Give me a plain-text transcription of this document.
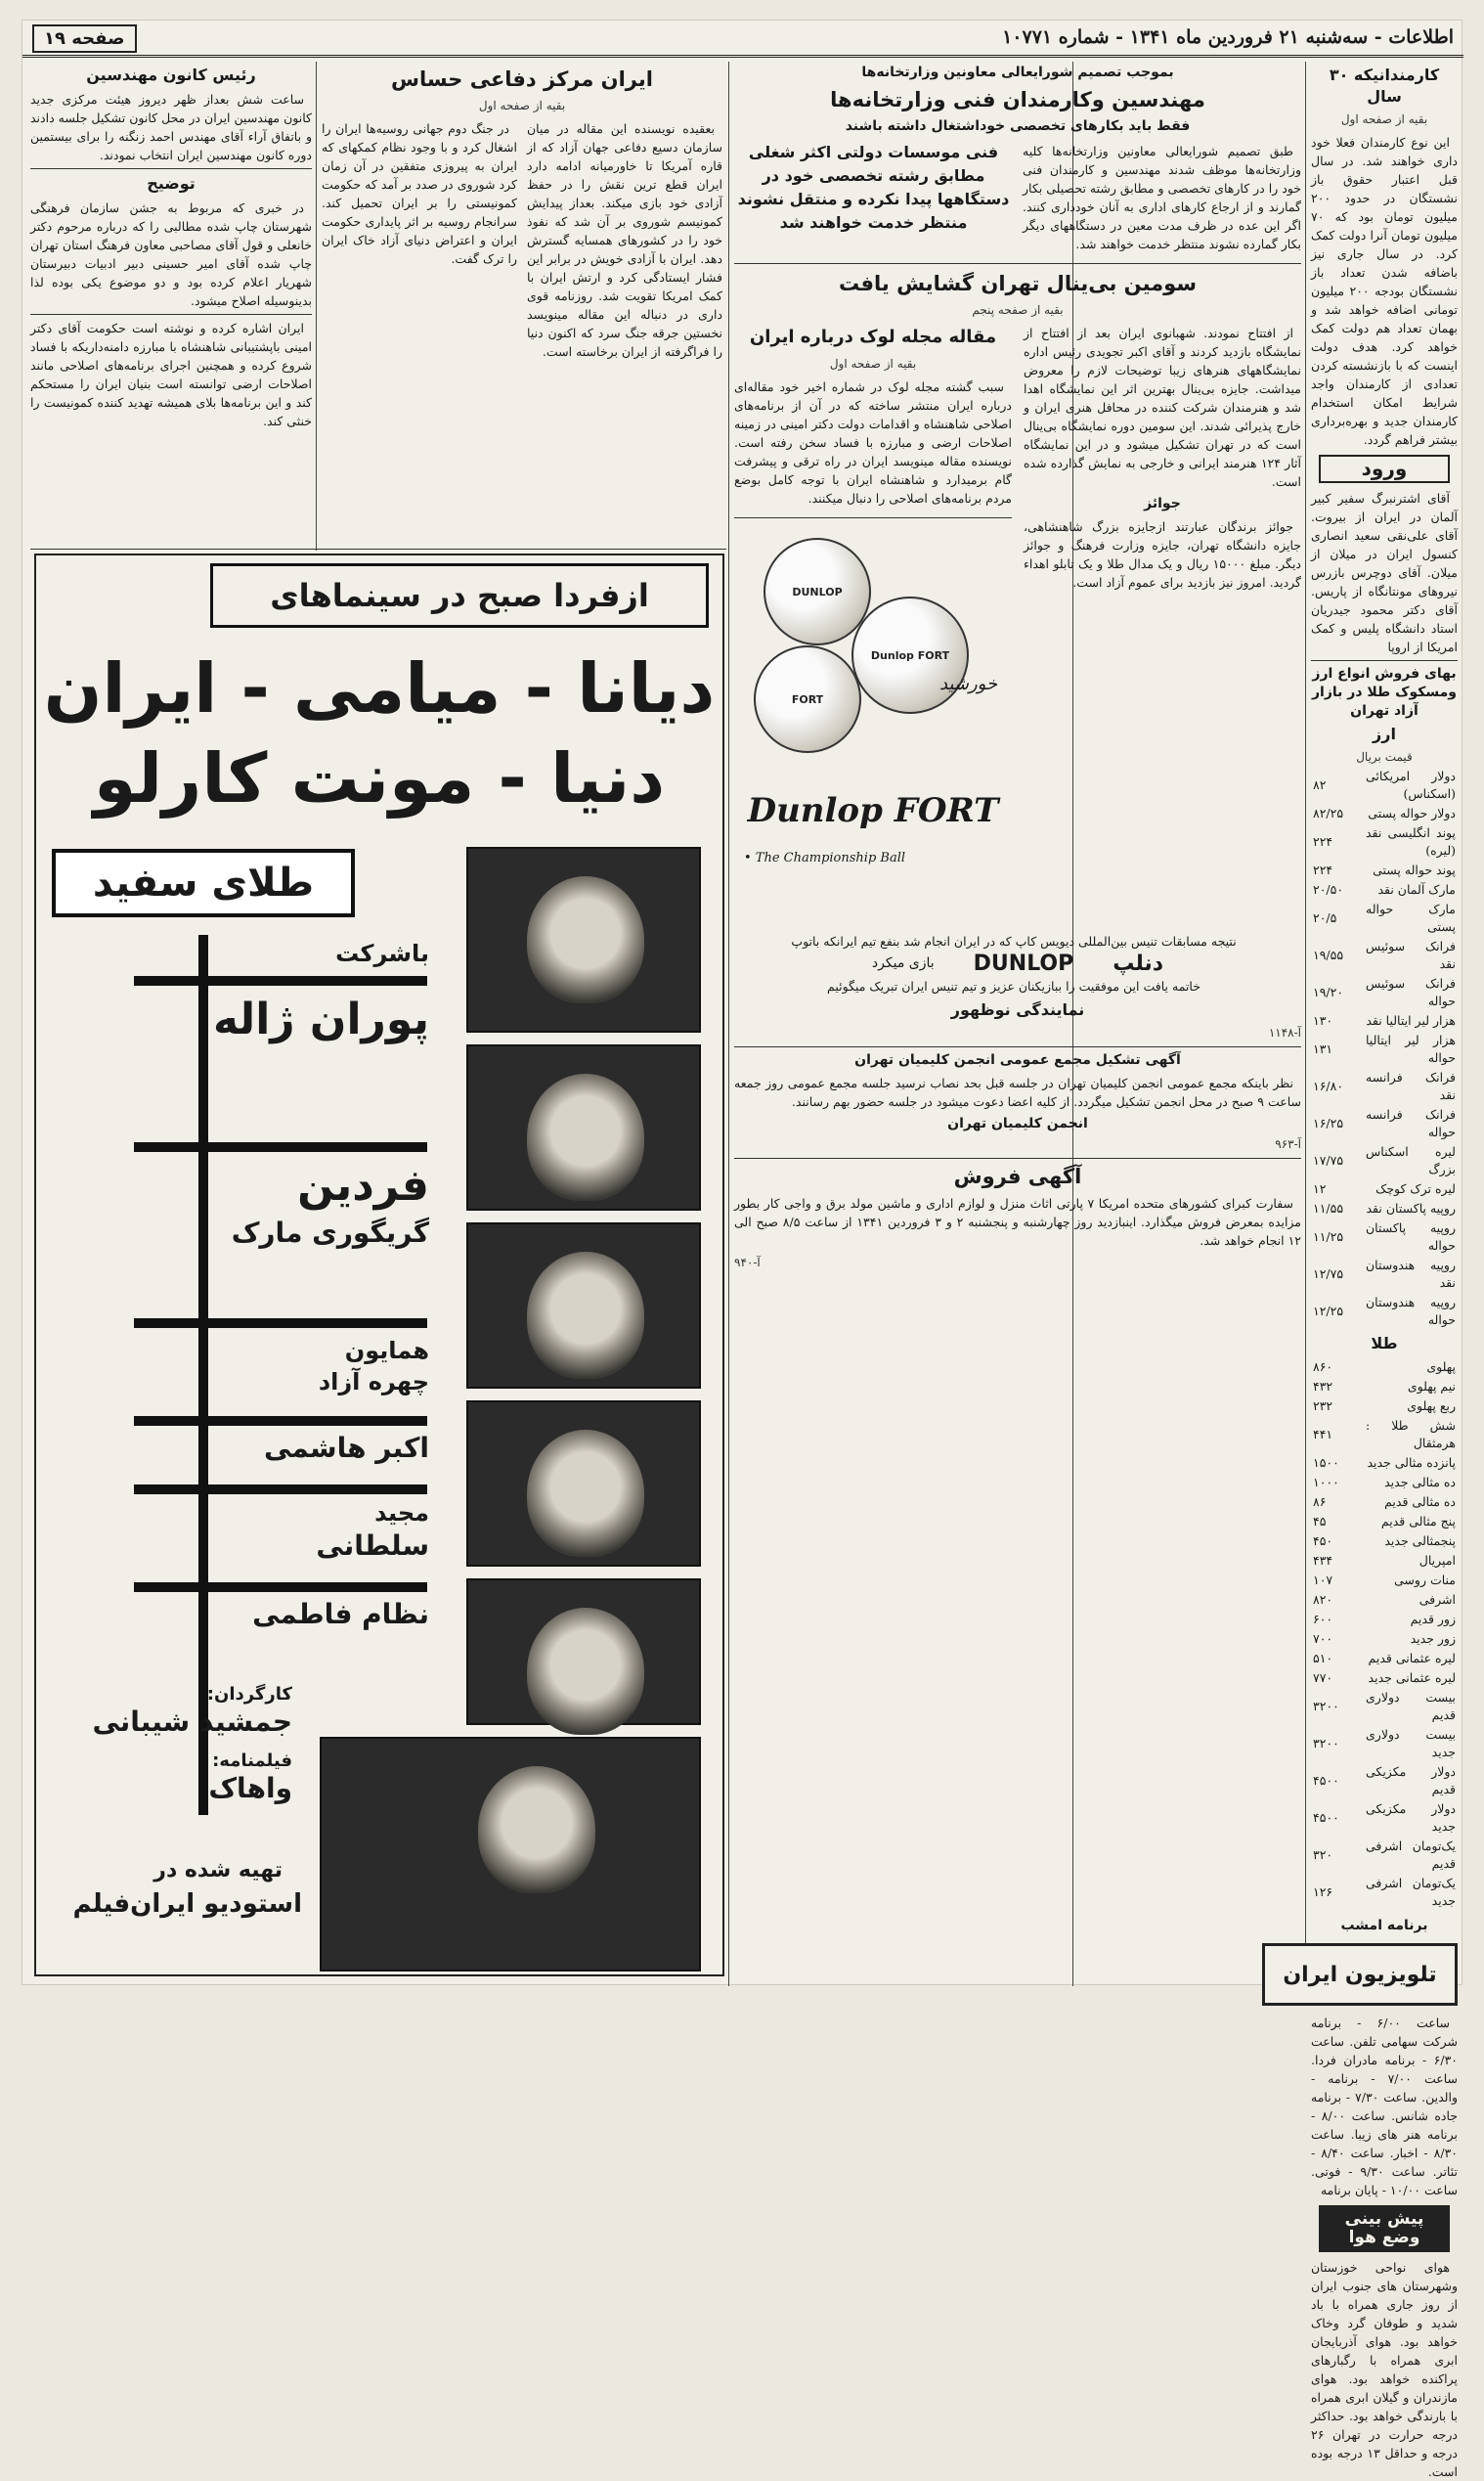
اطلاعات - سه‌شنبه ۲۱ فروردین ماه ۱۳۴۱ - شماره ۱۰۷۷۱
صفحه ۱۹
کارمندانیکه ۳۰ سال
بقیه از صفحه اول
این نوع کارمندان فعلا خود داری خواهند شد. در سال قبل اعتبار حقوق باز نشستگان در حدود ۲۰۰ میلیون تومان بود که ۷۰ میلیون تومان آنرا دولت کمک کرد. در سال جاری نیز باضافه شدن تعداد باز نشستگان بودجه ۲۰۰ میلیون تومانی اضافه خواهد شد و بهمان تعداد هم دولت کمک خواهد کرد. هدف دولت اینست که با بازنشسته کردن تعدادی از کارمندان واجد شرایط امکان استخدام کارمندان جدید و بهره‌برداری بیشتر فراهم گردد.
ورود
آقای اشترنبرگ سفیر کبیر آلمان در ایران از بیروت. آقای علی‌نقی سعید انصاری کنسول ایران در میلان از میلان. آقای دوچرس بازرس نیروهای مونتانگاه از پاریس. آقای دکتر محمود جیدریان استاد دانشگاه پلیس و کمک امریکا از اروپا
بهای فروش انواع ارز ومسکوک طلا در بازار آزاد تهران
ارز
قیمت بریال
دولار امریکائی (اسکناس)	۸۲
دولار حواله پستی	۸۲/۲۵
پوند انگلیسی نقد (لیره)	۲۲۴
پوند حواله پستی	۲۲۴
مارک آلمان نقد	۲۰/۵۰
مارک حواله پستی	۲۰/۵
فرانک سوئیس نقد	۱۹/۵۵
فرانک سوئیس حواله	۱۹/۲۰
هزار لیر ایتالیا نقد	۱۳۰
هزار لیر ایتالیا حواله	۱۳۱
فرانک فرانسه نقد	۱۶/۸۰
فرانک فرانسه حواله	۱۶/۲۵
لیره اسکناس بزرگ	۱۷/۷۵
لیره ترک کوچک	۱۲
روپیه پاکستان نقد	۱۱/۵۵
روپیه پاکستان حواله	۱۱/۲۵
روپیه هندوستان نقد	۱۲/۷۵
روپیه هندوستان حواله	۱۲/۲۵
طلا
پهلوی	۸۶۰
نیم پهلوی	۴۳۲
ربع پهلوی	۲۳۲
شش طلا : هرمثقال	۴۴۱
پانزده مثالی جدید	۱۵۰۰
ده مثالی جدید	۱۰۰۰
ده مثالی قدیم	۸۶
پنج مثالی قدیم	۴۵
پنجمثالی جدید	۴۵۰
امپریال	۴۳۴
منات روسی	۱۰۷
اشرفی	۸۲۰
زور قدیم	۶۰۰
زور جدید	۷۰۰
لیره عثمانی قدیم	۵۱۰
لیره عثمانی جدید	۷۷۰
بیست دولاری قدیم	۳۲۰۰
بیست دولاری جدید	۳۲۰۰
دولار مکزیکی قدیم	۴۵۰۰
دولار مکزیکی جدید	۴۵۰۰
یک‌تومان اشرفی قدیم	۳۲۰
یک‌تومان اشرفی جدید	۱۲۶
برنامه امشب
تلویزیون ایران
ساعت ۶/۰۰ - برنامه شرکت سهامی تلفن. ساعت ۶/۳۰ - برنامه مادران فردا. ساعت ۷/۰۰ - برنامه - والدین. ساعت ۷/۳۰ - برنامه جاده شانس. ساعت ۸/۰۰ - برنامه هنر های زیبا. ساعت ۸/۳۰ - اخبار. ساعت ۸/۴۰ - تئاتر. ساعت ۹/۳۰ - فوتی. ساعت ۱۰/۰۰ - پایان برنامه
پیش بینی وضع هوا
هوای نواحی خوزستان وشهرستان های جنوب ایران از روز جاری همراه با باد شدید و طوفان گرد وخاک خواهد بود. هوای آذربایجان ابری همراه با رگبارهای پراکنده خواهد بود. هوای مازندران و گیلان ابری همراه با بارندگی خواهد بود. حداکثر درجه حرارت در تهران ۲۶ درجه و حداقل ۱۳ درجه بوده است.
بموجب تصمیم شورایعالی معاونین وزارتخانه‌ها
مهندسین وکارمندان فنی وزارتخانه‌ها
فقط باید بکارهای تخصصی خوداشتغال داشته باشند
طبق تصمیم شورایعالی معاونین وزارتخانه‌ها کلیه وزارتخانه‌ها موظف شدند مهندسین و کارمندان فنی خود را در کارهای تخصصی و مطابق رشته تحصیلی بکار گمارند و از ارجاع کارهای اداری به آنان خودداری کنند. اگر این عده در ظرف مدت معین در دستگاههای دیگر بکار گمارده نشوند منتظر خدمت خواهند شد.
فنی موسسات دولتی اکثر شغلی مطابق رشته تخصصی خود در دستگاهها پیدا نکرده و منتقل نشوند منتظر خدمت خواهند شد
سومین بی‌ینال تهران گشایش یافت
بقیه از صفحه پنجم
از افتتاح نمودند. شهبانوی ایران بعد از افتتاح از نمایشگاه بازدید کردند و آقای اکبر تجویدی رئیس اداره نمایشگاههای هنرهای زیبا توضیحات لازم را معروض میداشت. جایزه بی‌ینال بهترین اثر این نمایشگاه اهدا شد و هنرمندان شرکت کننده در محافل هنری ایران و خارج پذیرائی شدند. این سومین دوره نمایشگاه بی‌ینال است که در تهران تشکیل میشود و در این نمایشگاه آثار ۱۲۴ هنرمند ایرانی و خارجی به نمایش گذارده شده است.
جوائز
جوائز برندگان عبارتند ازجایزه بزرگ شاهنشاهی، جایزه دانشگاه تهران، جایزه وزارت فرهنگ و جوائز دیگر. مبلغ ۱۵۰۰۰ ریال و یک مدال طلا و یک تابلو اهداء گردید. امروز نیز بازدید برای عموم آزاد است.
مقاله مجله لوک درباره ایران
بقیه از صفحه اول
سبب گشته مجله لوک در شماره اخیر خود مقاله‌ای درباره ایران منتشر ساخته که در آن از برنامه‌های اصلاحی شاهنشاه و اقدامات دولت دکتر امینی در زمینه اصلاحات ارضی و مبارزه با فساد سخن رفته است. نویسنده مقاله مینویسد ایران در راه ترقی و پیشرفت گام برمیدارد و شاهنشاه ایران با توجه کامل بوضع مردم برنامه‌های اصلاحی را دنبال میکنند.
DUNLOP
Dunlop FORT
FORT
خورشید
Dunlop FORT
• The Championship Ball
نتیجه مسابقات تنیس بین‌المللی دیویس کاپ که در ایران انجام شد بنفع تیم ایرانکه باتوپ
دنلپ
DUNLOP
بازی میکرد
خاتمه یافت این موفقیت را ببازیکنان عزیز و تیم تنیس ایران تبریک میگوئیم
نمایندگی نوظهور
آ-۱۱۴۸
آگهی تشکیل مجمع عمومی انجمن کلیمیان تهران
نظر باینکه مجمع عمومی انجمن کلیمیان تهران در جلسه قبل بحد نصاب نرسید جلسه مجمع عمومی روز جمعه ساعت ۹ صبح در محل انجمن تشکیل میگردد. از کلیه اعضا دعوت میشود در جلسه حضور بهم رسانند.
انجمن کلیمیان تهران
آ-۹۶۳
آگهی فروش
سفارت کبرای کشورهای متحده امریکا ۷ پارتی اثاث منزل و لوازم اداری و ماشین مولد برق و واجی کار بطور مزایده بمعرض فروش میگذارد. اینبازدید روز چهارشنبه و پنجشنبه ۲ و ۳ فروردین ۱۳۴۱ از ساعت ۸/۵ صبح الی ۱۲ انجام خواهد شد.
آ-۹۴۰
ایران مرکز دفاعی حساس
بقیه از صفحه اول
بعقیده نویسنده این مقاله در میان سازمان دسیع دفاعی جهان آزاد که از قاره آمریکا تا خاورمیانه ادامه دارد ایران قطع ترین نقش را در حفظ آزادی خود بازی میکند. بعداز پیدایش کمونیسم شوروی بر آن شد که نفوذ خود را در کشورهای همسایه گسترش دهد. ایران با آزادی خویش در برابر این فشار ایستادگی کرد و ارتش ایران با کمک امریکا تقویت شد. روزنامه قوی داری در دنباله این مقاله مینویسد نخستین جرقه جنگ سرد که اکنون دنیا را فراگرفته از ایران برخاسته است.
در جنگ دوم جهانی روسیه‌ها ایران را اشغال کرد و با وجود نظام کمکهای که ایران به پیروزی متفقین در آن زمان کرد شوروی در صدد بر آمد که حکومت کمونیستی را بر ایران تحمیل کند. سرانجام روسیه بر اثر پایداری حکومت ایران و اعتراض دنیای آزاد خاک ایران را ترک گفت.
رئیس کانون مهندسین
ساعت شش بعداز ظهر دیروز هیئت مرکزی جدید کانون مهندسین ایران در محل کانون تشکیل جلسه دادند و باتفاق آراء آقای مهندس احمد زنگنه را برای بیستمین دوره کانون مهندسین ایران انتخاب نمودند.
توضیح
در خبری که مربوط به جشن سازمان فرهنگی شهرستان چاپ شده مطالبی را که درباره مرحوم دکتر خانعلی و قول آقای مصاحبی معاون فرهنگ استان تهران چاپ شده آقای امیر حسینی دبیر ادبیات دبیرستان شهریار اعلام کرده بود و دو موضوع یکی بوده لذا بدینوسیله اصلاح میشود.
ایران اشاره کرده و نوشته است حکومت آقای دکتر امینی باپشتیبانی شاهنشاه با مبارزه دامنه‌داریکه با فساد شروع کرده و همچنین اجرای برنامه‌های اصلاحی مانند اصلاحات ارضی توانسته است بنیان ایران را مستحکم کند و این برنامه‌ها بلای همیشه تهدید کننده کمونیست را خنثی کند.
ازفردا صبح در سینماهای
دیانا - میامی - ایران
دنیا - مونت کارلو
طلای سفید
باشرکت
پوران ژاله
فردین
گریگوری مارک
همایون
چهره آزاد
اکبر هاشمی
مجید
سلطانی
نظام فاطمی
کارگردان:
جمشید شیبانی
فیلمنامه:
واهاک
تهیه شده در
استودیو ایران‌فیلم
